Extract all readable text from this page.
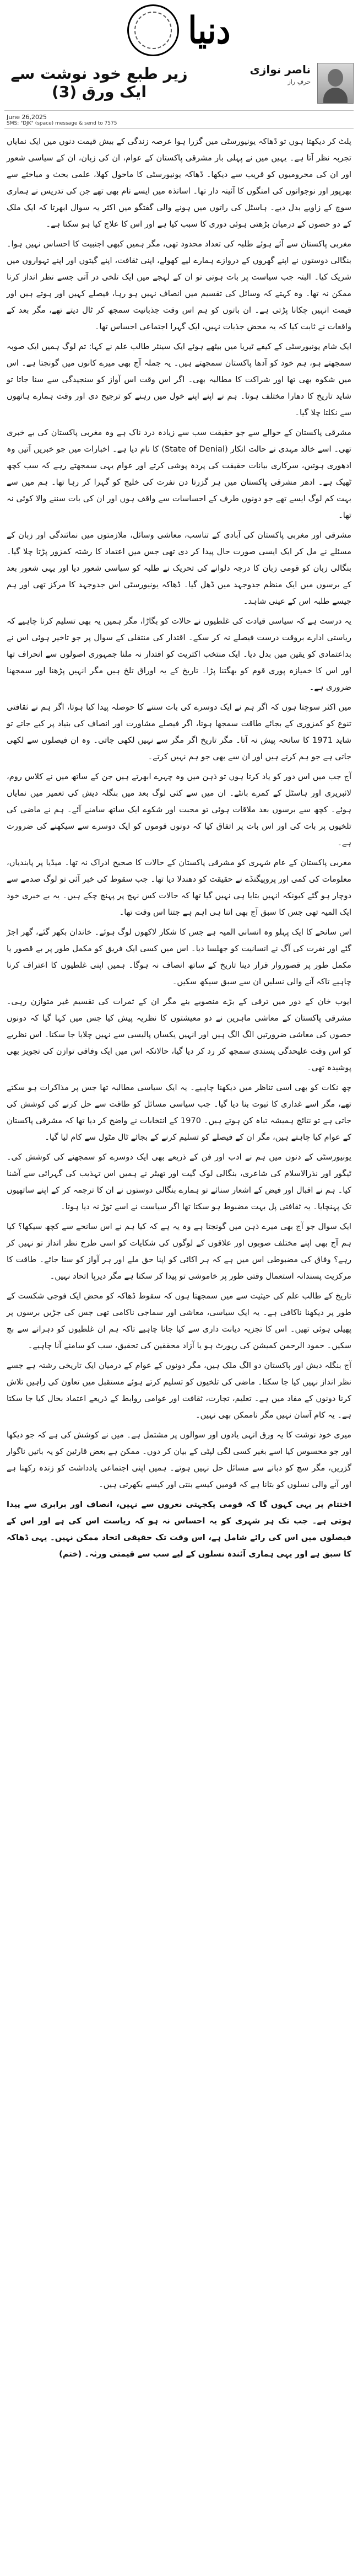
دنیا
ناصر نوازی
حرفِ راز
زیر طبع خود نوشت سے ایک ورق (3)
June 26,2025
SMS: "DJK" (space) message & send to 7575

پلٹ کر دیکھتا ہوں تو ڈھاکہ یونیورسٹی میں گزرا ہوا عرصہ زندگی کے بیش قیمت دنوں میں ایک نمایاں تجربہ نظر آتا ہے۔ یہیں میں نے پہلی بار مشرقی پاکستان کے عوام، ان کی زبان، ان کے سیاسی شعور اور ان کی محرومیوں کو قریب سے دیکھا۔ ڈھاکہ یونیورسٹی کا ماحول کھلا، علمی بحث و مباحثے سے بھرپور اور نوجوانوں کی امنگوں کا آئینہ دار تھا۔ اساتذہ میں ایسے نام بھی تھے جن کی تدریس نے ہماری سوچ کے زاویے بدل دیے۔ ہاسٹل کی راتوں میں ہونے والی گفتگو میں اکثر یہ سوال ابھرتا کہ ایک ملک کے دو حصوں کے درمیان بڑھتی ہوئی دوری کا سبب کیا ہے اور اس کا علاج کیا ہو سکتا ہے۔

مغربی پاکستان سے آئے ہوئے طلبہ کی تعداد محدود تھی، مگر ہمیں کبھی اجنبیت کا احساس نہیں ہوا۔ بنگالی دوستوں نے اپنے گھروں کے دروازے ہمارے لیے کھولے، اپنی ثقافت، اپنے گیتوں اور اپنے تہواروں میں شریک کیا۔ البتہ جب سیاست پر بات ہوتی تو ان کے لہجے میں ایک تلخی در آتی جسے نظر انداز کرنا ممکن نہ تھا۔ وہ کہتے کہ وسائل کی تقسیم میں انصاف نہیں ہو رہا، فیصلے کہیں اور ہوتے ہیں اور قیمت انہیں چکانا پڑتی ہے۔ ان باتوں کو ہم اس وقت جذباتیت سمجھ کر ٹال دیتے تھے، مگر بعد کے واقعات نے ثابت کیا کہ یہ محض جذبات نہیں، ایک گہرا اجتماعی احساس تھا۔

ایک شام یونیورسٹی کے کیفے ٹیریا میں بیٹھے ہوئے ایک سینئر طالب علم نے کہا: تم لوگ ہمیں ایک صوبہ سمجھتے ہو، ہم خود کو آدھا پاکستان سمجھتے ہیں۔ یہ جملہ آج بھی میرے کانوں میں گونجتا ہے۔ اس میں شکوہ بھی تھا اور شراکت کا مطالبہ بھی۔ اگر اس وقت اس آواز کو سنجیدگی سے سنا جاتا تو شاید تاریخ کا دھارا مختلف ہوتا۔ ہم نے اپنے اپنے خول میں رہنے کو ترجیح دی اور وقت ہمارے ہاتھوں سے نکلتا چلا گیا۔

مشرقی پاکستان کے حوالے سے جو حقیقت سب سے زیادہ درد ناک ہے وہ مغربی پاکستان کی بے خبری تھی۔ اسے خالد مہدی نے حالت انکار (State of Denial) کا نام دیا ہے۔ اخبارات میں جو خبریں آتیں وہ ادھوری ہوتیں، سرکاری بیانات حقیقت کی پردہ پوشی کرتے اور عوام یہی سمجھتے رہے کہ سب کچھ ٹھیک ہے۔ ادھر مشرقی پاکستان میں ہر گزرتا دن نفرت کی خلیج کو گہرا کر رہا تھا۔ ہم میں سے بہت کم لوگ ایسے تھے جو دونوں طرف کے احساسات سے واقف ہوں اور ان کی بات سننے والا کوئی نہ تھا۔

مشرقی اور مغربی پاکستان کی آبادی کے تناسب، معاشی وسائل، ملازمتوں میں نمائندگی اور زبان کے مسئلے نے مل کر ایک ایسی صورت حال پیدا کر دی تھی جس میں اعتماد کا رشتہ کمزور پڑتا چلا گیا۔ بنگالی زبان کو قومی زبان کا درجہ دلوانے کی تحریک نے طلبہ کو سیاسی شعور دیا اور یہی شعور بعد کے برسوں میں ایک منظم جدوجہد میں ڈھل گیا۔ ڈھاکہ یونیورسٹی اس جدوجہد کا مرکز تھی اور ہم جیسے طلبہ اس کے عینی شاہد۔

یہ درست ہے کہ سیاسی قیادت کی غلطیوں نے حالات کو بگاڑا، مگر ہمیں یہ بھی تسلیم کرنا چاہیے کہ ریاستی ادارے بروقت درست فیصلے نہ کر سکے۔ اقتدار کی منتقلی کے سوال پر جو تاخیر ہوئی اس نے بداعتمادی کو یقین میں بدل دیا۔ ایک منتخب اکثریت کو اقتدار نہ ملنا جمہوری اصولوں سے انحراف تھا اور اس کا خمیازہ پوری قوم کو بھگتنا پڑا۔ تاریخ کے یہ اوراق تلخ ہیں مگر انہیں پڑھنا اور سمجھنا ضروری ہے۔

میں اکثر سوچتا ہوں کہ اگر ہم نے ایک دوسرے کی بات سننے کا حوصلہ پیدا کیا ہوتا، اگر ہم نے ثقافتی تنوع کو کمزوری کے بجائے طاقت سمجھا ہوتا، اگر فیصلے مشاورت اور انصاف کی بنیاد پر کیے جاتے تو شاید 1971 کا سانحہ پیش نہ آتا۔ مگر تاریخ اگر مگر سے نہیں لکھی جاتی۔ وہ ان فیصلوں سے لکھی جاتی ہے جو ہم کرتے ہیں اور ان سے بھی جو ہم نہیں کرتے۔

آج جب میں اس دور کو یاد کرتا ہوں تو ذہن میں وہ چہرے ابھرتے ہیں جن کے ساتھ میں نے کلاس روم، لائبریری اور ہاسٹل کے کمرے بانٹے۔ ان میں سے کئی لوگ بعد میں بنگلہ دیش کی تعمیر میں نمایاں ہوئے۔ کچھ سے برسوں بعد ملاقات ہوئی تو محبت اور شکوے ایک ساتھ سامنے آئے۔ ہم نے ماضی کی تلخیوں پر بات کی اور اس بات پر اتفاق کیا کہ دونوں قوموں کو ایک دوسرے سے سیکھنے کی ضرورت ہے۔

مغربی پاکستان کے عام شہری کو مشرقی پاکستان کے حالات کا صحیح ادراک نہ تھا۔ میڈیا پر پابندیاں، معلومات کی کمی اور پروپیگنڈے نے حقیقت کو دھندلا دیا تھا۔ جب سقوط کی خبر آئی تو لوگ صدمے سے دوچار ہو گئے کیونکہ انہیں بتایا ہی نہیں گیا تھا کہ حالات کس نہج پر پہنچ چکے ہیں۔ یہ بے خبری خود ایک المیہ تھی جس کا سبق آج بھی اتنا ہی اہم ہے جتنا اس وقت تھا۔

اس سانحے کا ایک پہلو وہ انسانی المیہ ہے جس کا شکار لاکھوں لوگ ہوئے۔ خاندان بکھر گئے، گھر اجڑ گئے اور نفرت کی آگ نے انسانیت کو جھلسا دیا۔ اس میں کسی ایک فریق کو مکمل طور پر بے قصور یا مکمل طور پر قصوروار قرار دینا تاریخ کے ساتھ انصاف نہ ہوگا۔ ہمیں اپنی غلطیوں کا اعتراف کرنا چاہیے تاکہ آنے والی نسلیں ان سے سبق سیکھ سکیں۔

ایوب خان کے دور میں ترقی کے بڑے منصوبے بنے مگر ان کے ثمرات کی تقسیم غیر متوازن رہی۔ مشرقی پاکستان کے معاشی ماہرین نے دو معیشتوں کا نظریہ پیش کیا جس میں کہا گیا کہ دونوں حصوں کی معاشی ضرورتیں الگ الگ ہیں اور انہیں یکساں پالیسی سے نہیں چلایا جا سکتا۔ اس نظریے کو اس وقت علیحدگی پسندی سمجھ کر رد کر دیا گیا، حالانکہ اس میں ایک وفاقی توازن کی تجویز بھی پوشیدہ تھی۔

چھ نکات کو بھی اسی تناظر میں دیکھنا چاہیے۔ یہ ایک سیاسی مطالبہ تھا جس پر مذاکرات ہو سکتے تھے، مگر اسے غداری کا ثبوت بنا دیا گیا۔ جب سیاسی مسائل کو طاقت سے حل کرنے کی کوشش کی جاتی ہے تو نتائج ہمیشہ تباہ کن ہوتے ہیں۔ 1970 کے انتخابات نے واضح کر دیا تھا کہ مشرقی پاکستان کے عوام کیا چاہتے ہیں، مگر ان کے فیصلے کو تسلیم کرنے کے بجائے ٹال مٹول سے کام لیا گیا۔

یونیورسٹی کے دنوں میں ہم نے ادب اور فن کے ذریعے بھی ایک دوسرے کو سمجھنے کی کوشش کی۔ ٹیگور اور نذرالاسلام کی شاعری، بنگالی لوک گیت اور تھیٹر نے ہمیں اس تہذیب کی گہرائی سے آشنا کیا۔ ہم نے اقبال اور فیض کے اشعار سنائے تو ہمارے بنگالی دوستوں نے ان کا ترجمہ کر کے اپنے ساتھیوں تک پہنچایا۔ یہ ثقافتی پل بہت مضبوط ہو سکتا تھا اگر سیاست نے اسے توڑ نہ دیا ہوتا۔

ایک سوال جو آج بھی میرے ذہن میں گونجتا ہے وہ یہ ہے کہ کیا ہم نے اس سانحے سے کچھ سیکھا؟ کیا ہم آج بھی اپنے مختلف صوبوں اور علاقوں کے لوگوں کی شکایات کو اسی طرح نظر انداز تو نہیں کر رہے؟ وفاق کی مضبوطی اس میں ہے کہ ہر اکائی کو اپنا حق ملے اور ہر آواز کو سنا جائے۔ طاقت کا مرکزیت پسندانہ استعمال وقتی طور پر خاموشی تو پیدا کر سکتا ہے مگر دیرپا اتحاد نہیں۔

تاریخ کے طالب علم کی حیثیت سے میں سمجھتا ہوں کہ سقوط ڈھاکہ کو محض ایک فوجی شکست کے طور پر دیکھنا ناکافی ہے۔ یہ ایک سیاسی، معاشی اور سماجی ناکامی تھی جس کی جڑیں برسوں پر پھیلی ہوئی تھیں۔ اس کا تجزیہ دیانت داری سے کیا جانا چاہیے تاکہ ہم ان غلطیوں کو دہرانے سے بچ سکیں۔ حمود الرحمن کمیشن کی رپورٹ ہو یا آزاد محققین کی تحقیق، سب کو سامنے آنا چاہیے۔

آج بنگلہ دیش اور پاکستان دو الگ ملک ہیں، مگر دونوں کے عوام کے درمیان ایک تاریخی رشتہ ہے جسے نظر انداز نہیں کیا جا سکتا۔ ماضی کی تلخیوں کو تسلیم کرتے ہوئے مستقبل میں تعاون کی راہیں تلاش کرنا دونوں کے مفاد میں ہے۔ تعلیم، تجارت، ثقافت اور عوامی روابط کے ذریعے اعتماد بحال کیا جا سکتا ہے۔ یہ کام آسان نہیں مگر ناممکن بھی نہیں۔

میری خود نوشت کا یہ ورق انہی یادوں اور سوالوں پر مشتمل ہے۔ میں نے کوشش کی ہے کہ جو دیکھا اور جو محسوس کیا اسے بغیر کسی لگی لپٹی کے بیان کر دوں۔ ممکن ہے بعض قارئین کو یہ باتیں ناگوار گزریں، مگر سچ کو دبانے سے مسائل حل نہیں ہوتے۔ ہمیں اپنی اجتماعی یادداشت کو زندہ رکھنا ہے اور آنے والی نسلوں کو بتانا ہے کہ قومیں کیسے بنتی اور کیسے بکھرتی ہیں۔

اختتام پر یہی کہوں گا کہ قومی یکجہتی نعروں سے نہیں، انصاف اور برابری سے پیدا ہوتی ہے۔ جب تک ہر شہری کو یہ احساس نہ ہو کہ ریاست اس کی ہے اور اس کے فیصلوں میں اس کی رائے شامل ہے، اس وقت تک حقیقی اتحاد ممکن نہیں۔ یہی ڈھاکہ کا سبق ہے اور یہی ہماری آئندہ نسلوں کے لیے سب سے قیمتی ورثہ۔ (ختم)
